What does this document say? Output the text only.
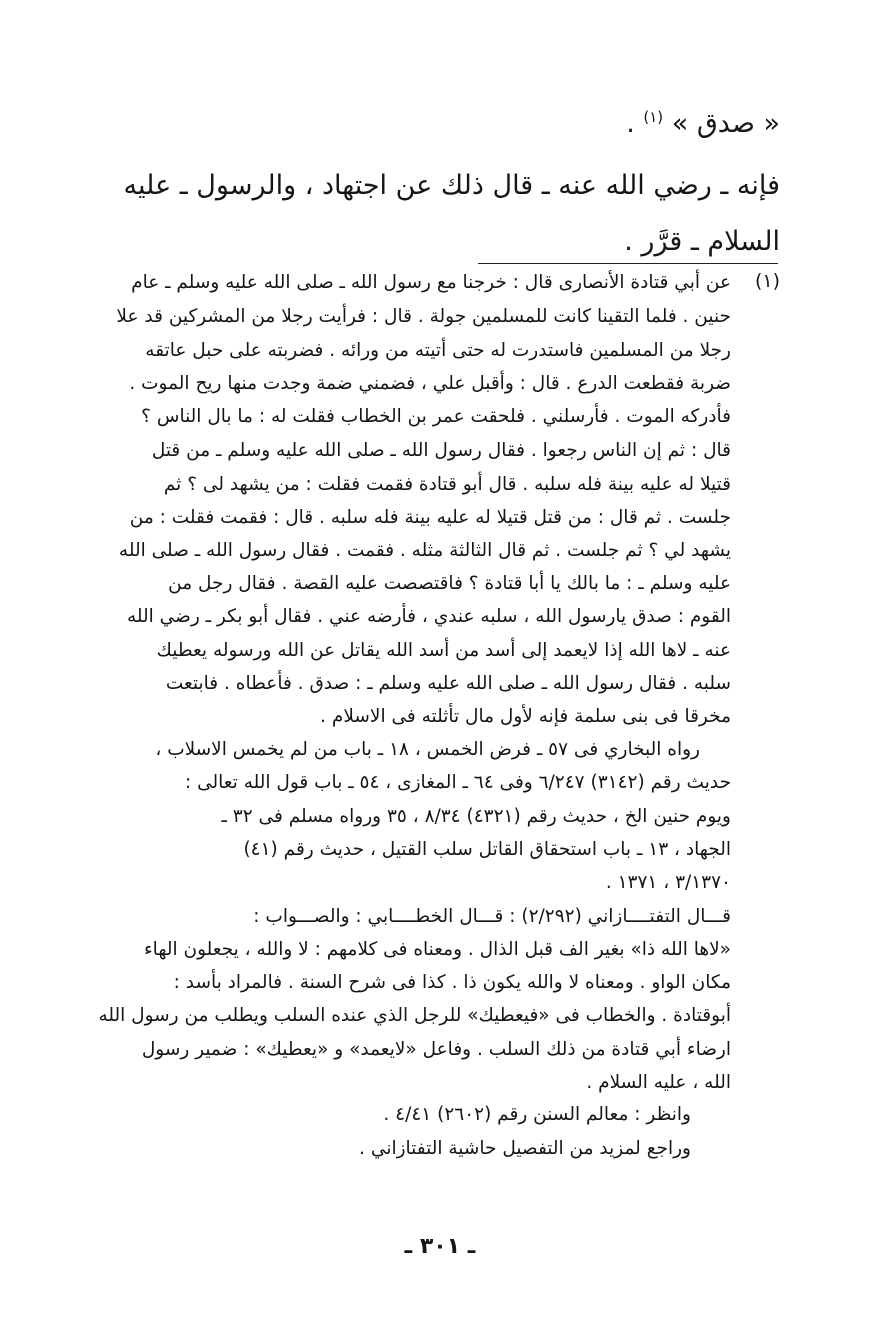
« صدق » $^{(١)}$ .
فإنه ـ رضي الله عنه ـ قال ذلك عن اجتهاد ، والرسول ـ عليه
السلام ـ قرَّر .
(١)
عن أبي قتادة الأنصارى قال : خرجنا مع رسول الله ـ صلى الله عليه وسلم ـ عام
حنين . فلما التقينا كانت للمسلمين جولة . قال : فرأيت رجلا من المشركين قد علا
رجلا من المسلمين فاستدرت له حتى أتيته من ورائه . فضربته على حبل عاتقه
ضربة فقطعت الدرع . قال : وأقبل علي ، فضمني ضمة وجدت منها ريح الموت .
فأدركه الموت . فأرسلني . فلحقت عمر بن الخطاب فقلت له : ما بال الناس ؟
قال : ثم إن الناس رجعوا . فقال رسول الله ـ صلى الله عليه وسلم ـ من قتل
قتيلا له عليه بينة فله سلبه . قال أبو قتادة فقمت فقلت : من يشهد لى ؟ ثم
جلست . ثم قال : من قتل قتيلا له عليه بينة فله سلبه . قال : فقمت فقلت : من
يشهد لي ؟ ثم جلست . ثم قال الثالثة مثله . فقمت . فقال رسول الله ـ صلى الله
عليه وسلم ـ : ما بالك يا أبا قتادة ؟ فاقتصصت عليه القصة . فقال رجل من
القوم : صدق يارسول الله ، سلبه عندي ، فأرضه عني . فقال أبو بكر ـ رضي الله
عنه ـ لاها الله إذا لايعمد إلى أسد من أسد الله يقاتل عن الله ورسوله يعطيك
سلبه . فقال رسول الله ـ صلى الله عليه وسلم ـ : صدق . فأعطاه . فابتعت
مخرقا فى بنى سلمة فإنه لأول مال تأثلته فى الاسلام .
رواه البخاري فى ٥٧ ـ فرض الخمس ، ١٨ ـ باب من لم يخمس الاسلاب ،
حديث رقم (٣١٤٢) ٦/٢٤٧ وفى ٦٤ ـ المغازى ، ٥٤ ـ باب قول الله تعالى :
ويوم حنين الخ ، حديث رقم (٤٣٢١) ٨/٣٤ ، ٣٥ ورواه مسلم فى ٣٢ ـ
الجهاد ، ١٣ ـ باب استحقاق القاتل سلب القتيل ، حديث رقم (٤١)
٣/١٣٧٠ ، ١٣٧١ .
قـــال التفتــــازاني (٢/٢٩٢) : قـــال الخطــــابي : والصـــواب :
«لاها الله ذا» بغير الف قبل الذال . ومعناه فى كلامهم : لا والله ، يجعلون الهاء
مكان الواو . ومعناه لا والله يكون ذا . كذا فى شرح السنة . فالمراد بأسد :
أبوقتادة . والخطاب فى «فيعطيك» للرجل الذي عنده السلب ويطلب من رسول الله
ارضاء أبي قتادة من ذلك السلب . وفاعل «لايعمد» و «يعطيك» : ضمير رسول
الله ، عليه السلام .
وانظر : معالم السنن رقم (٢٦٠٢) ٤/٤١ .
وراجع لمزيد من التفصيل حاشية التفتازاني .
ـ ٣٠١ ـ
